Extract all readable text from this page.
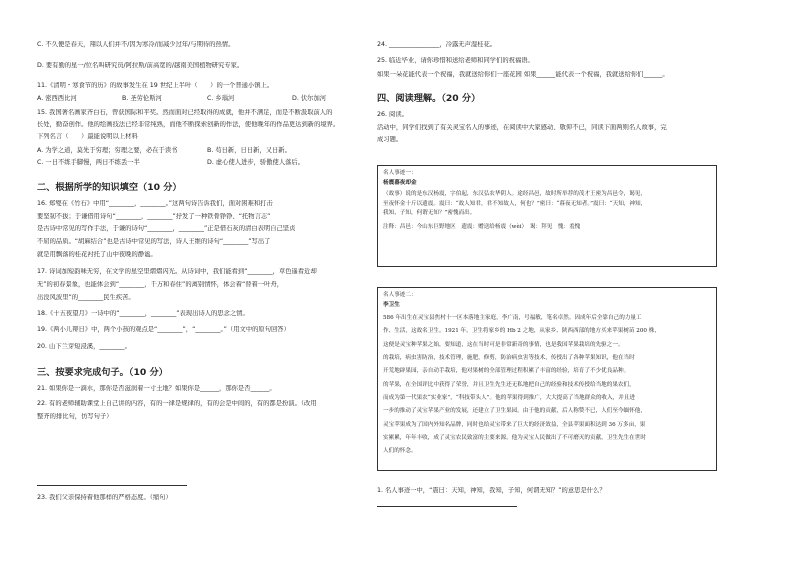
C. 不久便是春天，翔以人们并不/因为寒冷/而减少过年/与期待的热情。
D. 要有勤的星一/位名叫研究员/阿拉斯/前高宽的/越南美国植物研究专家。
11.《清明・寒食节的历》的故事发生在 19 世纪上半叶（　　）的一个普通小镇上。
A. 密西西比河	B. 圣劳伦斯河	C. 乡瑙河	D. 伏尔加河
15. 我国著名画家齐白石，曾获国际和平奖。然而面对已经取得的成就，他并不满足，而是不断汲取前人的
长处，勤奋创作。他的绘画技法已经非常纯熟，而他不断探索创新的作法，使他晚年的作品更达到新的境界。
下列名言（　　）最能说明以上材料
A. 为学之道，莫先于穷理；穷理之要，必在于读书	B. 苟日新，日日新，又日新。
C. 一日不练手脚慢，两日不练丢一半	D. 虚心使人进步，骄傲使人落后。
二、根据所学的知识填空（10 分）
16. 郑燮在《竹石》中用“________，________。”这两句诗告诉我们，面对困难和打击
要坚韧不拔；于谦借用诗句“________，________”抒发了一种铁骨铮铮、“托物言志”
是古诗中常见的写作手法，于谦的诗句“________，________”正是借石灰的清白表明自己坚贞
不屈的品质。“胡麻结合”也是古诗中常见的写法，诗人王维的诗句“________”写出了
就是用飘落的桂花衬托了山中夜晚的静谧。
17. 诗词加短韵味无穷，在文学的星空里熠熠闪光。从诗词中，我们能看到“________，草色遥看近却
无”的初春景象，也能体会到“________，千万和春住”的离别情怀，体会着“替着一叶舟，
出没风波里”的________民生疾苦。
18.《十五夜望月》一诗中的“________，________”表现出诗人的思念之情。
19.《两小儿辩日》中，两个小孩的观点是“________”，“________。”（用文中的原句回答）
20. 山下兰芽短浸溪，________。
三、按要求完成句子。（10 分）
21. 如果你是一滴水，那你是否滋润着一寸土地？如果你是______，那你是否______。
22. 有的老师辅助课堂上自己讲的内容，有的一律是规律的，有的会是中间的，有的都是扮演。（改用
整齐的排比句，仿写句子）
23. 我们父亲保持着他那样的严格态度。（缩句）
24. ________________，冷露无声湿桂花。
25. 临近毕业，请你珍惜和送给老师和同学们的祝福语。
如果一朵花能代表一个祝福，我就送给你们一座花园 如果______能代表一个祝福，我就送给你们______。
四、阅读理解。（20 分）
26. 阅读。
活动中，同学们找到了有关灵宝名人的事迹，在阅读中大家感动、敬仰不已，同读下面两则名人故事，完
成习题。
名人事迹一：
杨震暮夜却金
（故事）说的是东汉杨震，字伯起，东汉弘农华阴人。途经昌邑，故时所举荐的茂才王密为昌邑令，谒见，
至夜怀金十斤以遗震。震曰：“故人知君，君不知故人，何也？”密曰：“暮夜无知者。”震曰：“天知，神知，
我知，子知，何谓无知？”密愧而出。
注释：昌邑：今山东巨野地区　遗震：赠送给杨震（wèi）　谒：拜见　愧：羞愧
名人事迹二：
李卫生
586 年出生在灵宝县焦村十一区本落地主家庭，李广南，号福敏，笔名卓然。因成年后全靠自己的力量工
作、生活，这故名卫生。1921 年，卫生将家乡的 Hb 2 之地，从家乡、陕西西部的地方买来苹果树苗 200 株，
这便是灵宝种苹果之始，要知道，这在当时可是非常新奇的事情，也是我国苹果栽培的先驱之一。
的栽培，病虫害防治，技术管理，施肥，修剪，防治病虫害等技术，传授出了各种苹果知识，他在当时
开荒地辟果园，亲自动手栽培，他对果树的全部管理过程积累了丰富的经验，培育了不少优良品种。
的苹果，在全国评比中获得了荣誉，并且卫生先生还无私地把自己的经验和技术传授给当地的果农们，
而成为第一代果农“实业家”，“科技带头人”。他的苹果得到推广，大大提高了当地群众的收入，并且进
一步的推动了灵宝苹果产业的发展，还建立了卫生果园。由于他的贡献，后人称赞不已，人们至今缅怀他，
灵宝苹果成为了国内外知名品牌，同时也给灵宝带来了巨大的经济效益，全县苹果面积达到 36 万多亩，果
实累累，年年丰收，成了灵宝农民致富的主要来源，他为灵宝人民做出了不可磨灭的贡献，卫生先生在世时
人们的怀念。
1. 名人事迹一中，“震曰：天知，神知，我知，子知，何谓无知？”的意思是什么？
